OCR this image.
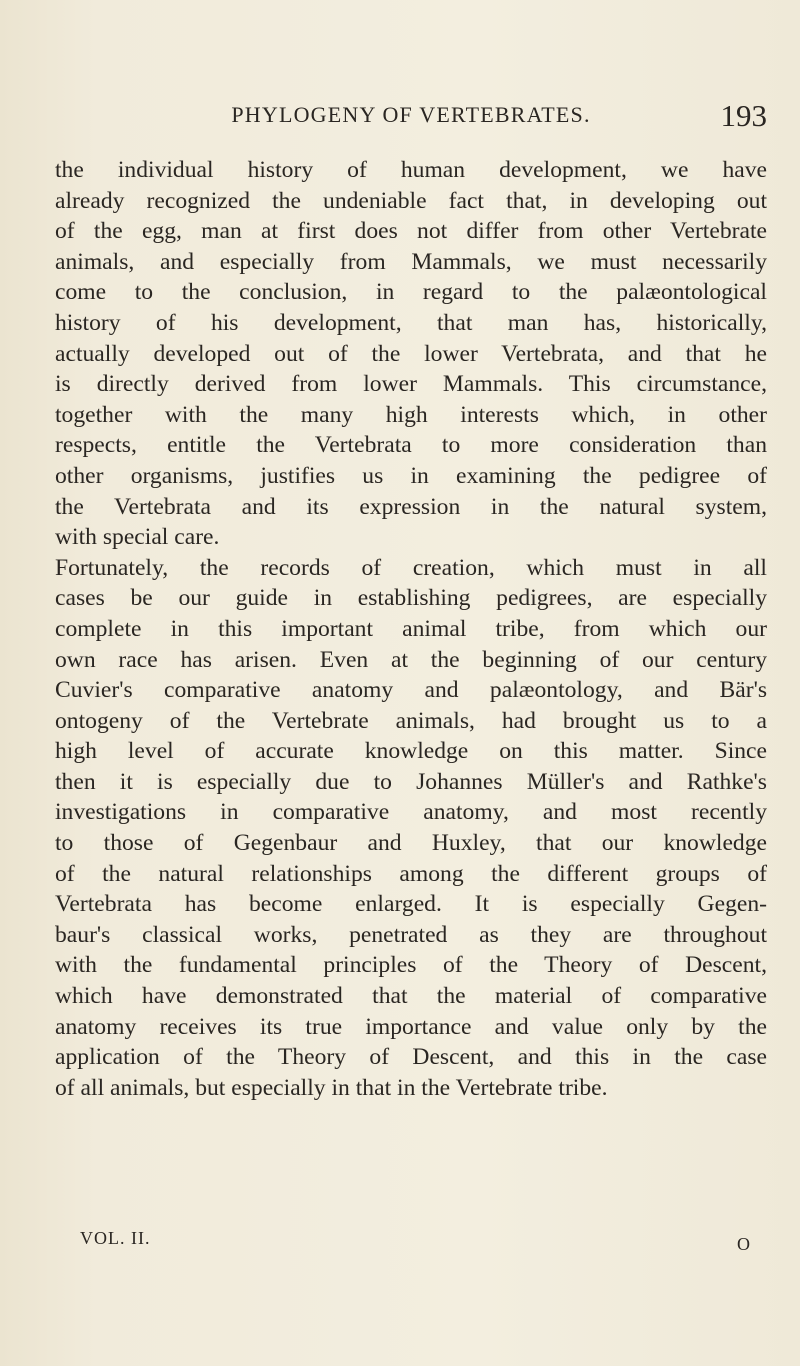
PHYLOGENY OF VERTEBRATES.	193
the individual history of human development, we have
already recognized the undeniable fact that, in developing out
of the egg, man at first does not differ from other Vertebrate
animals, and especially from Mammals, we must necessarily
come to the conclusion, in regard to the palæontological
history of his development, that man has, historically,
actually developed out of the lower Vertebrata, and that he
is directly derived from lower Mammals. This circumstance,
together with the many high interests which, in other
respects, entitle the Vertebrata to more consideration than
other organisms, justifies us in examining the pedigree of
the Vertebrata and its expression in the natural system,
with special care.
Fortunately, the records of creation, which must in all
cases be our guide in establishing pedigrees, are especially
complete in this important animal tribe, from which our
own race has arisen. Even at the beginning of our century
Cuvier's comparative anatomy and palæontology, and Bär's
ontogeny of the Vertebrate animals, had brought us to a
high level of accurate knowledge on this matter. Since
then it is especially due to Johannes Müller's and Rathke's
investigations in comparative anatomy, and most recently
to those of Gegenbaur and Huxley, that our knowledge
of the natural relationships among the different groups of
Vertebrata has become enlarged. It is especially Gegen-
baur's classical works, penetrated as they are throughout
with the fundamental principles of the Theory of Descent,
which have demonstrated that the material of comparative
anatomy receives its true importance and value only by the
application of the Theory of Descent, and this in the case
of all animals, but especially in that in the Vertebrate tribe.
VOL. II.	O
